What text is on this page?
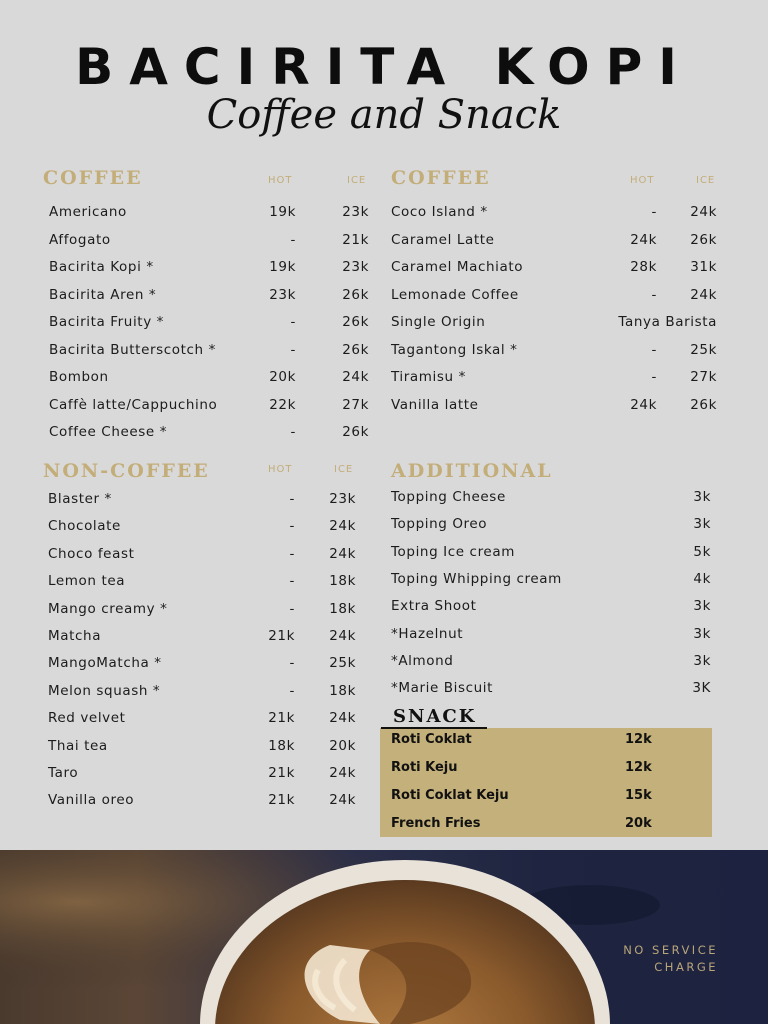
BACIRITA KOPI
Coffee and Snack
COFFEE	HOT	ICE
Americano	19k	23k
Affogato	-	21k
Bacirita Kopi *	19k	23k
Bacirita Aren *	23k	26k
Bacirita Fruity *	-	26k
Bacirita Butterscotch *	-	26k
Bombon	20k	24k
Caffè latte/Cappuchino	22k	27k
Coffee Cheese *	-	26k
COFFEE	HOT	ICE
Coco Island *	- 24k
Caramel Latte	24k 26k
Caramel Machiato	28k 31k
Lemonade Coffee	- 24k
Single Origin	Tanya Barista
Tagantong Iskal *	- 25k
Tiramisu *	- 27k
Vanilla latte	24k 26k
NON-COFFEE	HOT	ICE
Blaster *	-	23k
Chocolate	-	24k
Choco feast	-	24k
Lemon tea	-	18k
Mango creamy *	-	18k
Matcha	21k	24k
MangoMatcha *	-	25k
Melon squash *	-	18k
Red velvet	21k	24k
Thai tea	18k	20k
Taro	21k	24k
Vanilla oreo	21k	24k
ADDITIONAL
Topping Cheese	3k
Topping Oreo	3k
Toping Ice cream	5k
Toping Whipping cream	4k
Extra Shoot	3k
*Hazelnut	3k
*Almond	3k
*Marie Biscuit	3K
SNACK
Roti Coklat	12k
Roti Keju	12k
Roti Coklat Keju	15k
French Fries	20k
NO SERVICE
CHARGE
